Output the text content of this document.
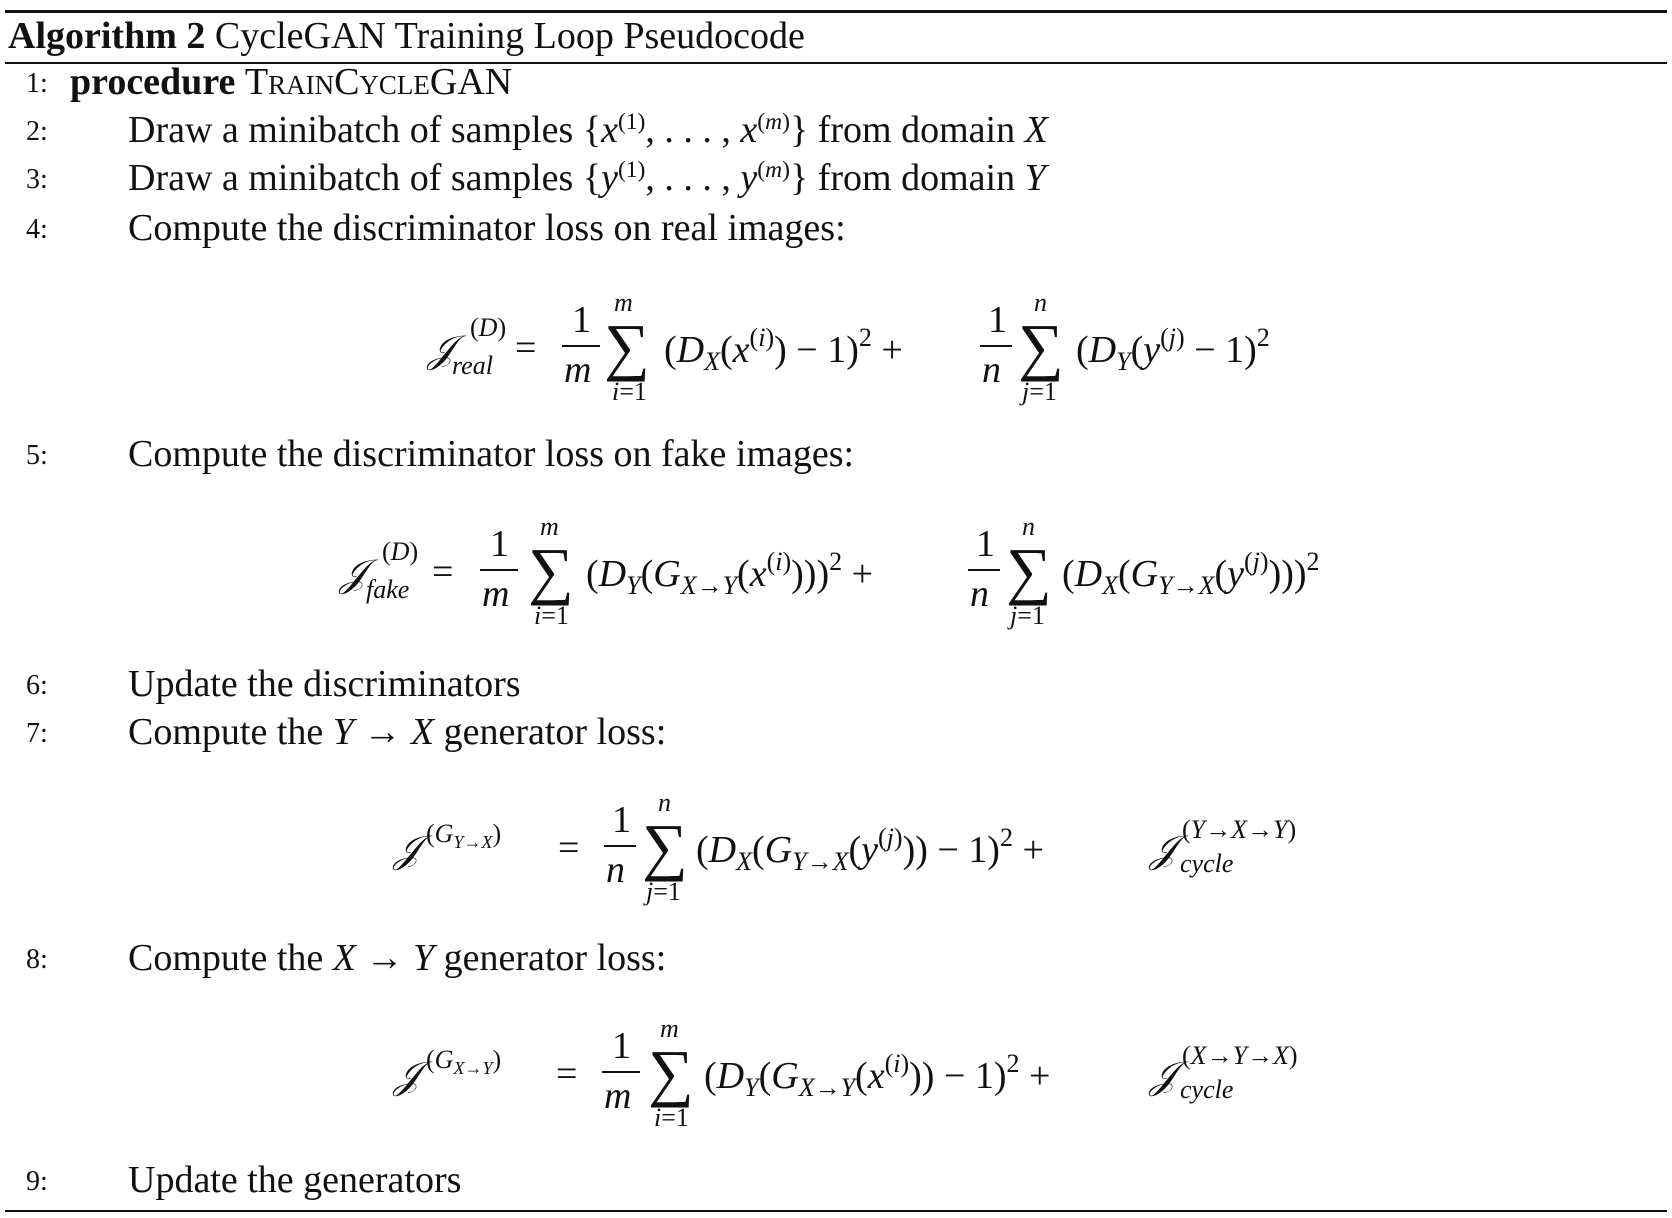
Algorithm 2 CycleGAN Training Loop Pseudocode
1: procedure TrainCycleGAN
2:	Draw a minibatch of samples {$x^{(1)}$, . . . , $x^{(m)}$} from domain X
3:	Draw a minibatch of samples {$y^{(1)}$, . . . , $y^{(m)}$} from domain Y
4:	Compute the discriminator loss on real images:
𝒥
(D)
real =
1
m
m
∑
i=1
$(D_X(x^{(i)}) - 1)^2$ +
1
n
n
∑
j=1
($D_Y(y^{(j)} - 1)^2$
5:	Compute the discriminator loss on fake images:
𝒥
(D)
fake =
1
m
m
∑
i=1
$(D_Y(G_{X\to Y}(x^{(i)})))^2$ +
1
n
n
∑
j=1
$(D_X(G_{Y\to X}(y^{(j)})))^2$
6:	Update the discriminators
7:	Compute the Y → X generator loss:
𝒥 $(G_{Y\to X})$ =
1
n
n
∑
j=1
$(D_X(G_{Y\to X}(y^{(j)})) - 1)^2$ +	𝒥 (Y→X→Y)
cycle
8:	Compute the X → Y generator loss:
𝒥 $(G_{X\to Y})$ =
1
m
m
∑
i=1
$(D_Y(G_{X\to Y}(x^{(i)})) - 1)^2$ +	𝒥 (X→Y→X)
cycle
9:	Update the generators
